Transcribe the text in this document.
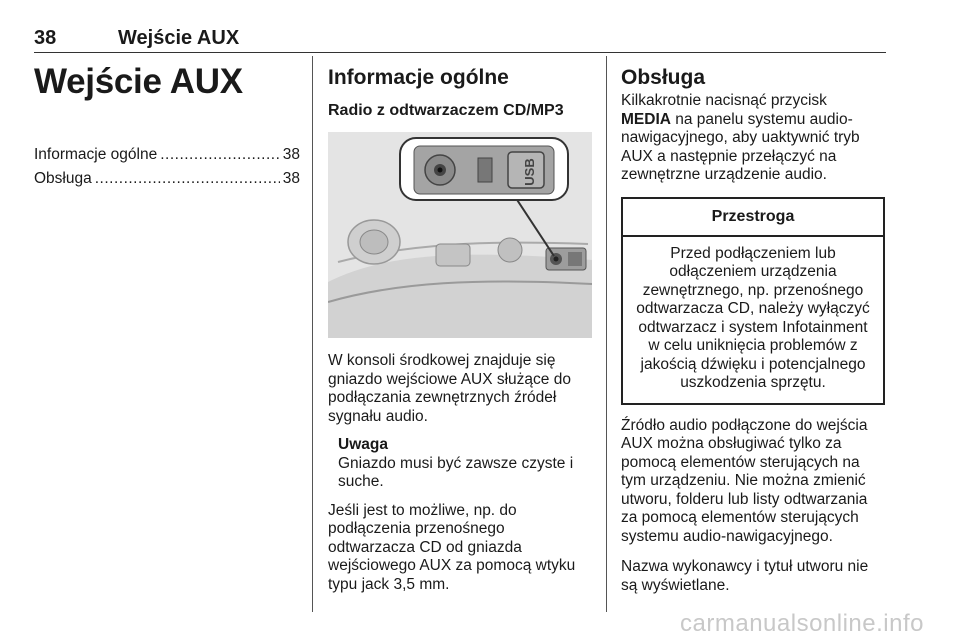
38	Wejście AUX
Wejście AUX
Informacje ogólne .....	38
Obsługa .....	38
Informacje ogólne
Radio z odtwarzaczem CD/MP3
USB

W konsoli środkowej znajduje się gniazdo wejściowe AUX służące do podłączania zewnętrznych źródeł sygnału audio.

Uwaga

Gniazdo musi być zawsze czyste i suche.

Jeśli jest to możliwe, np. do podłączenia przenośnego odtwarzacza CD od gniazda wejściowego AUX za pomocą wtyku typu jack 3,5 mm.

Obsługa

Kilkakrotnie nacisnąć przycisk
MEDIA na panelu systemu audio-nawigacyjnego, aby uaktywnić tryb AUX a następnie przełączyć na zewnętrzne urządzenie audio.

Przestroga
Przed podłączeniem lub odłączeniem urządzenia zewnętrznego, np. przenośnego odtwarzacza CD, należy wyłączyć odtwarzacz i system Infotainment w celu uniknięcia problemów z jakością dźwięku i potencjalnego uszkodzenia sprzętu.

Źródło audio podłączone do wejścia AUX można obsługiwać tylko za pomocą elementów sterujących na tym urządzeniu. Nie można zmienić utworu, folderu lub listy odtwarzania za pomocą elementów sterujących systemu audio-nawigacyjnego.

Nazwa wykonawcy i tytuł utworu nie są wyświetlane.

carmanualsonline.info
